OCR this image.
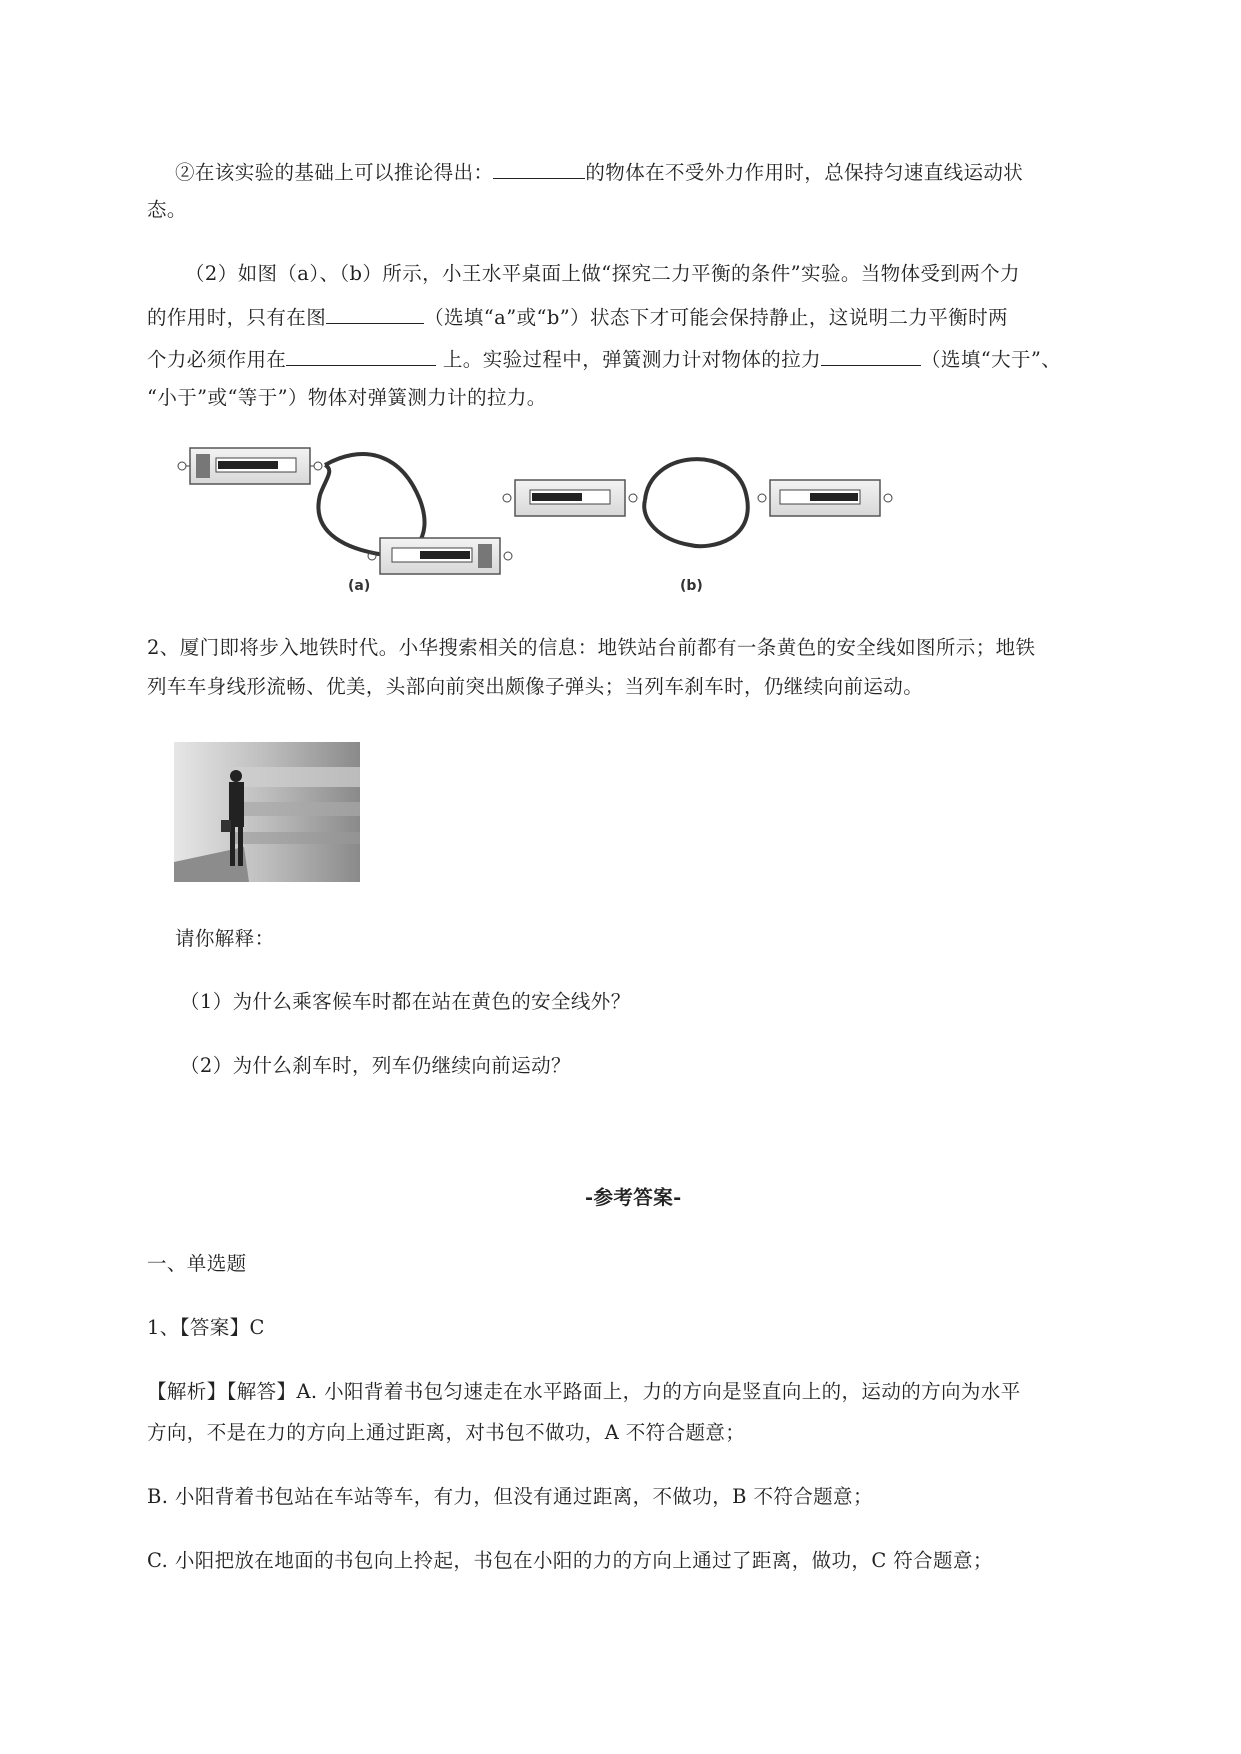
②在该实验的基础上可以推论得出：	的物体在不受外力作用时，总保持匀速直线运动状
态。
（2）如图（a）、（b）所示，小王水平桌面上做“探究二力平衡的条件”实验。当物体受到两个力
的作用时，只有在图	（选填“a”或“b”）状态下才可能会保持静止，这说明二力平衡时两
个力必须作用在	上。实验过程中，弹簧测力计对物体的拉力	（选填“大于”、
“小于”或“等于”）物体对弹簧测力计的拉力。
(a)	(b)
2、厦门即将步入地铁时代。小华搜索相关的信息：地铁站台前都有一条黄色的安全线如图所示；地铁
列车车身线形流畅、优美，头部向前突出颇像子弹头；当列车刹车时，仍继续向前运动。
请你解释：
（1）为什么乘客候车时都在站在黄色的安全线外？
（2）为什么刹车时，列车仍继续向前运动？
-参考答案-
一、单选题
1、【答案】C
【解析】【解答】A. 小阳背着书包匀速走在水平路面上，力的方向是竖直向上的，运动的方向为水平
方向，不是在力的方向上通过距离，对书包不做功，A 不符合题意；
B. 小阳背着书包站在车站等车，有力，但没有通过距离，不做功，B 不符合题意；
C. 小阳把放在地面的书包向上拎起，书包在小阳的力的方向上通过了距离，做功，C 符合题意；
